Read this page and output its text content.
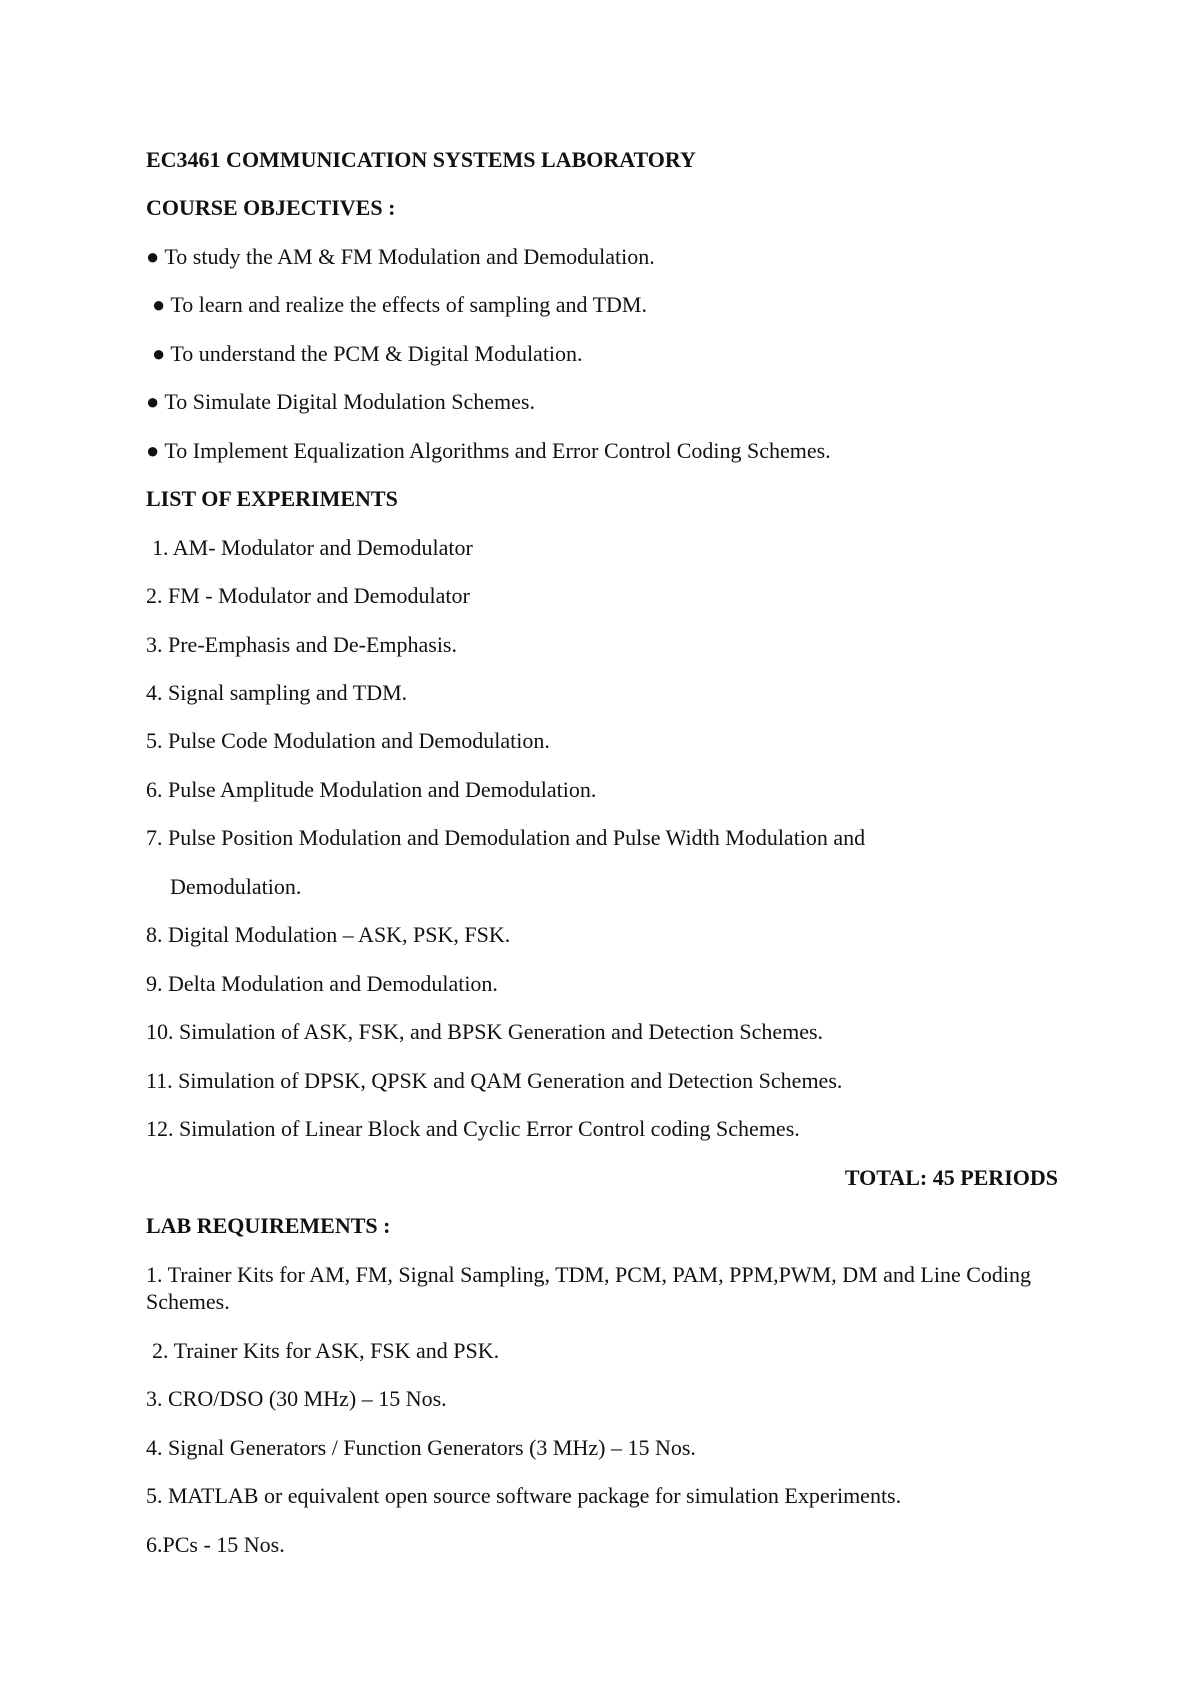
EC3461 COMMUNICATION SYSTEMS LABORATORY
COURSE OBJECTIVES :
● To study the AM & FM Modulation and Demodulation.
● To learn and realize the effects of sampling and TDM.
● To understand the PCM & Digital Modulation.
● To Simulate Digital Modulation Schemes.
● To Implement Equalization Algorithms and Error Control Coding Schemes.
LIST OF EXPERIMENTS
1. AM- Modulator and Demodulator
2. FM - Modulator and Demodulator
3. Pre-Emphasis and De-Emphasis.
4. Signal sampling and TDM.
5. Pulse Code Modulation and Demodulation.
6. Pulse Amplitude Modulation and Demodulation.
7. Pulse Position Modulation and Demodulation and Pulse Width Modulation and
Demodulation.
8. Digital Modulation – ASK, PSK, FSK.
9. Delta Modulation and Demodulation.
10. Simulation of ASK, FSK, and BPSK Generation and Detection Schemes.
11. Simulation of DPSK, QPSK and QAM Generation and Detection Schemes.
12. Simulation of Linear Block and Cyclic Error Control coding Schemes.
TOTAL: 45 PERIODS
LAB REQUIREMENTS :
1. Trainer Kits for AM, FM, Signal Sampling, TDM, PCM, PAM, PPM,PWM, DM and Line Coding Schemes.
2. Trainer Kits for ASK, FSK and PSK.
3. CRO/DSO (30 MHz) – 15 Nos.
4. Signal Generators / Function Generators (3 MHz) – 15 Nos.
5. MATLAB or equivalent open source software package for simulation Experiments.
6.PCs - 15 Nos.
